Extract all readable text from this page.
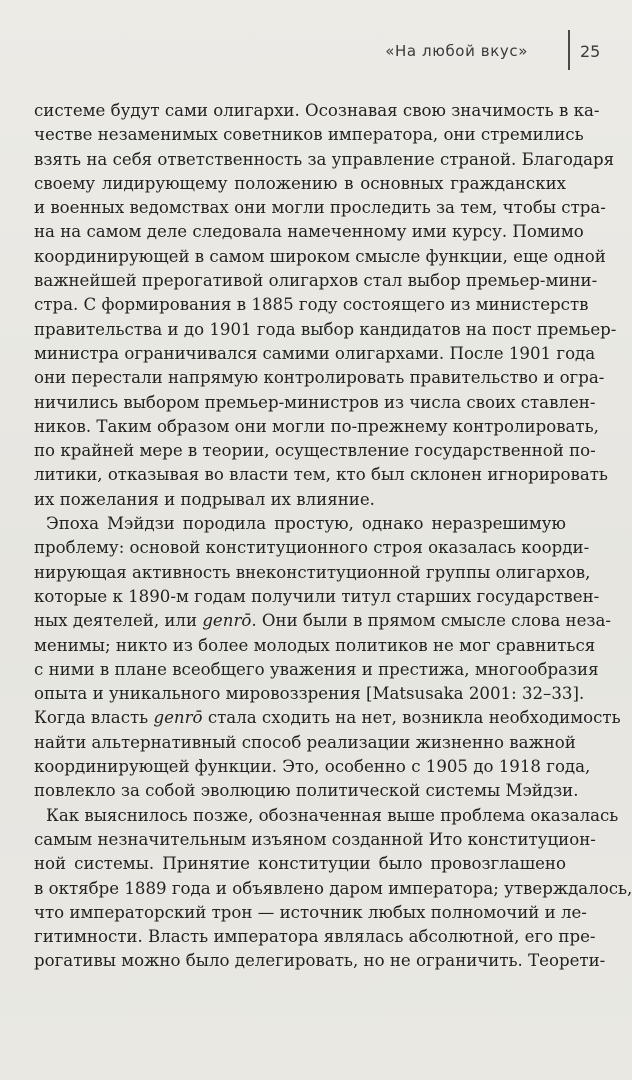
«На любой вкус»	25

системе будут сами олигархи. Осознавая свою значимость в ка-
честве незаменимых советников императора, они стремились
взять на себя ответственность за управление страной. Благодаря
своему лидирующему положению в основных гражданских
и военных ведомствах они могли проследить за тем, чтобы стра-
на на самом деле следовала намеченному ими курсу. Помимо
координирующей в самом широком смысле функции, еще одной
важнейшей прерогативой олигархов стал выбор премьер-мини-
стра. С формирования в 1885 году состоящего из министерств
правительства и до 1901 года выбор кандидатов на пост премьер-
министра ограничивался самими олигархами. После 1901 года
они перестали напрямую контролировать правительство и огра-
ничились выбором премьер-министров из числа своих ставлен-
ников. Таким образом они могли по-прежнему контролировать,
по крайней мере в теории, осуществление государственной по-
литики, отказывая во власти тем, кто был склонен игнорировать
их пожелания и подрывал их влияние.

Эпоха Мэйдзи породила простую, однако неразрешимую
проблему: основой конституционного строя оказалась коорди-
нирующая активность внеконституционной группы олигархов,
которые к 1890-м годам получили титул старших государствен-
ных деятелей, или genrō. Они были в прямом смысле слова неза-
менимы; никто из более молодых политиков не мог сравниться
с ними в плане всеобщего уважения и престижа, многообразия
опыта и уникального мировоззрения [Matsusaka 2001: 32–33].
Когда власть genrō стала сходить на нет, возникла необходимость
найти альтернативный способ реализации жизненно важной
координирующей функции. Это, особенно с 1905 до 1918 года,
повлекло за собой эволюцию политической системы Мэйдзи.

Как выяснилось позже, обозначенная выше проблема оказалась
самым незначительным изъяном созданной Ито конституцион-
ной системы. Принятие конституции было провозглашено
в октябре 1889 года и объявлено даром императора; утверждалось,
что императорский трон — источник любых полномочий и ле-
гитимности. Власть императора являлась абсолютной, его пре-
рогативы можно было делегировать, но не ограничить. Теорети-
